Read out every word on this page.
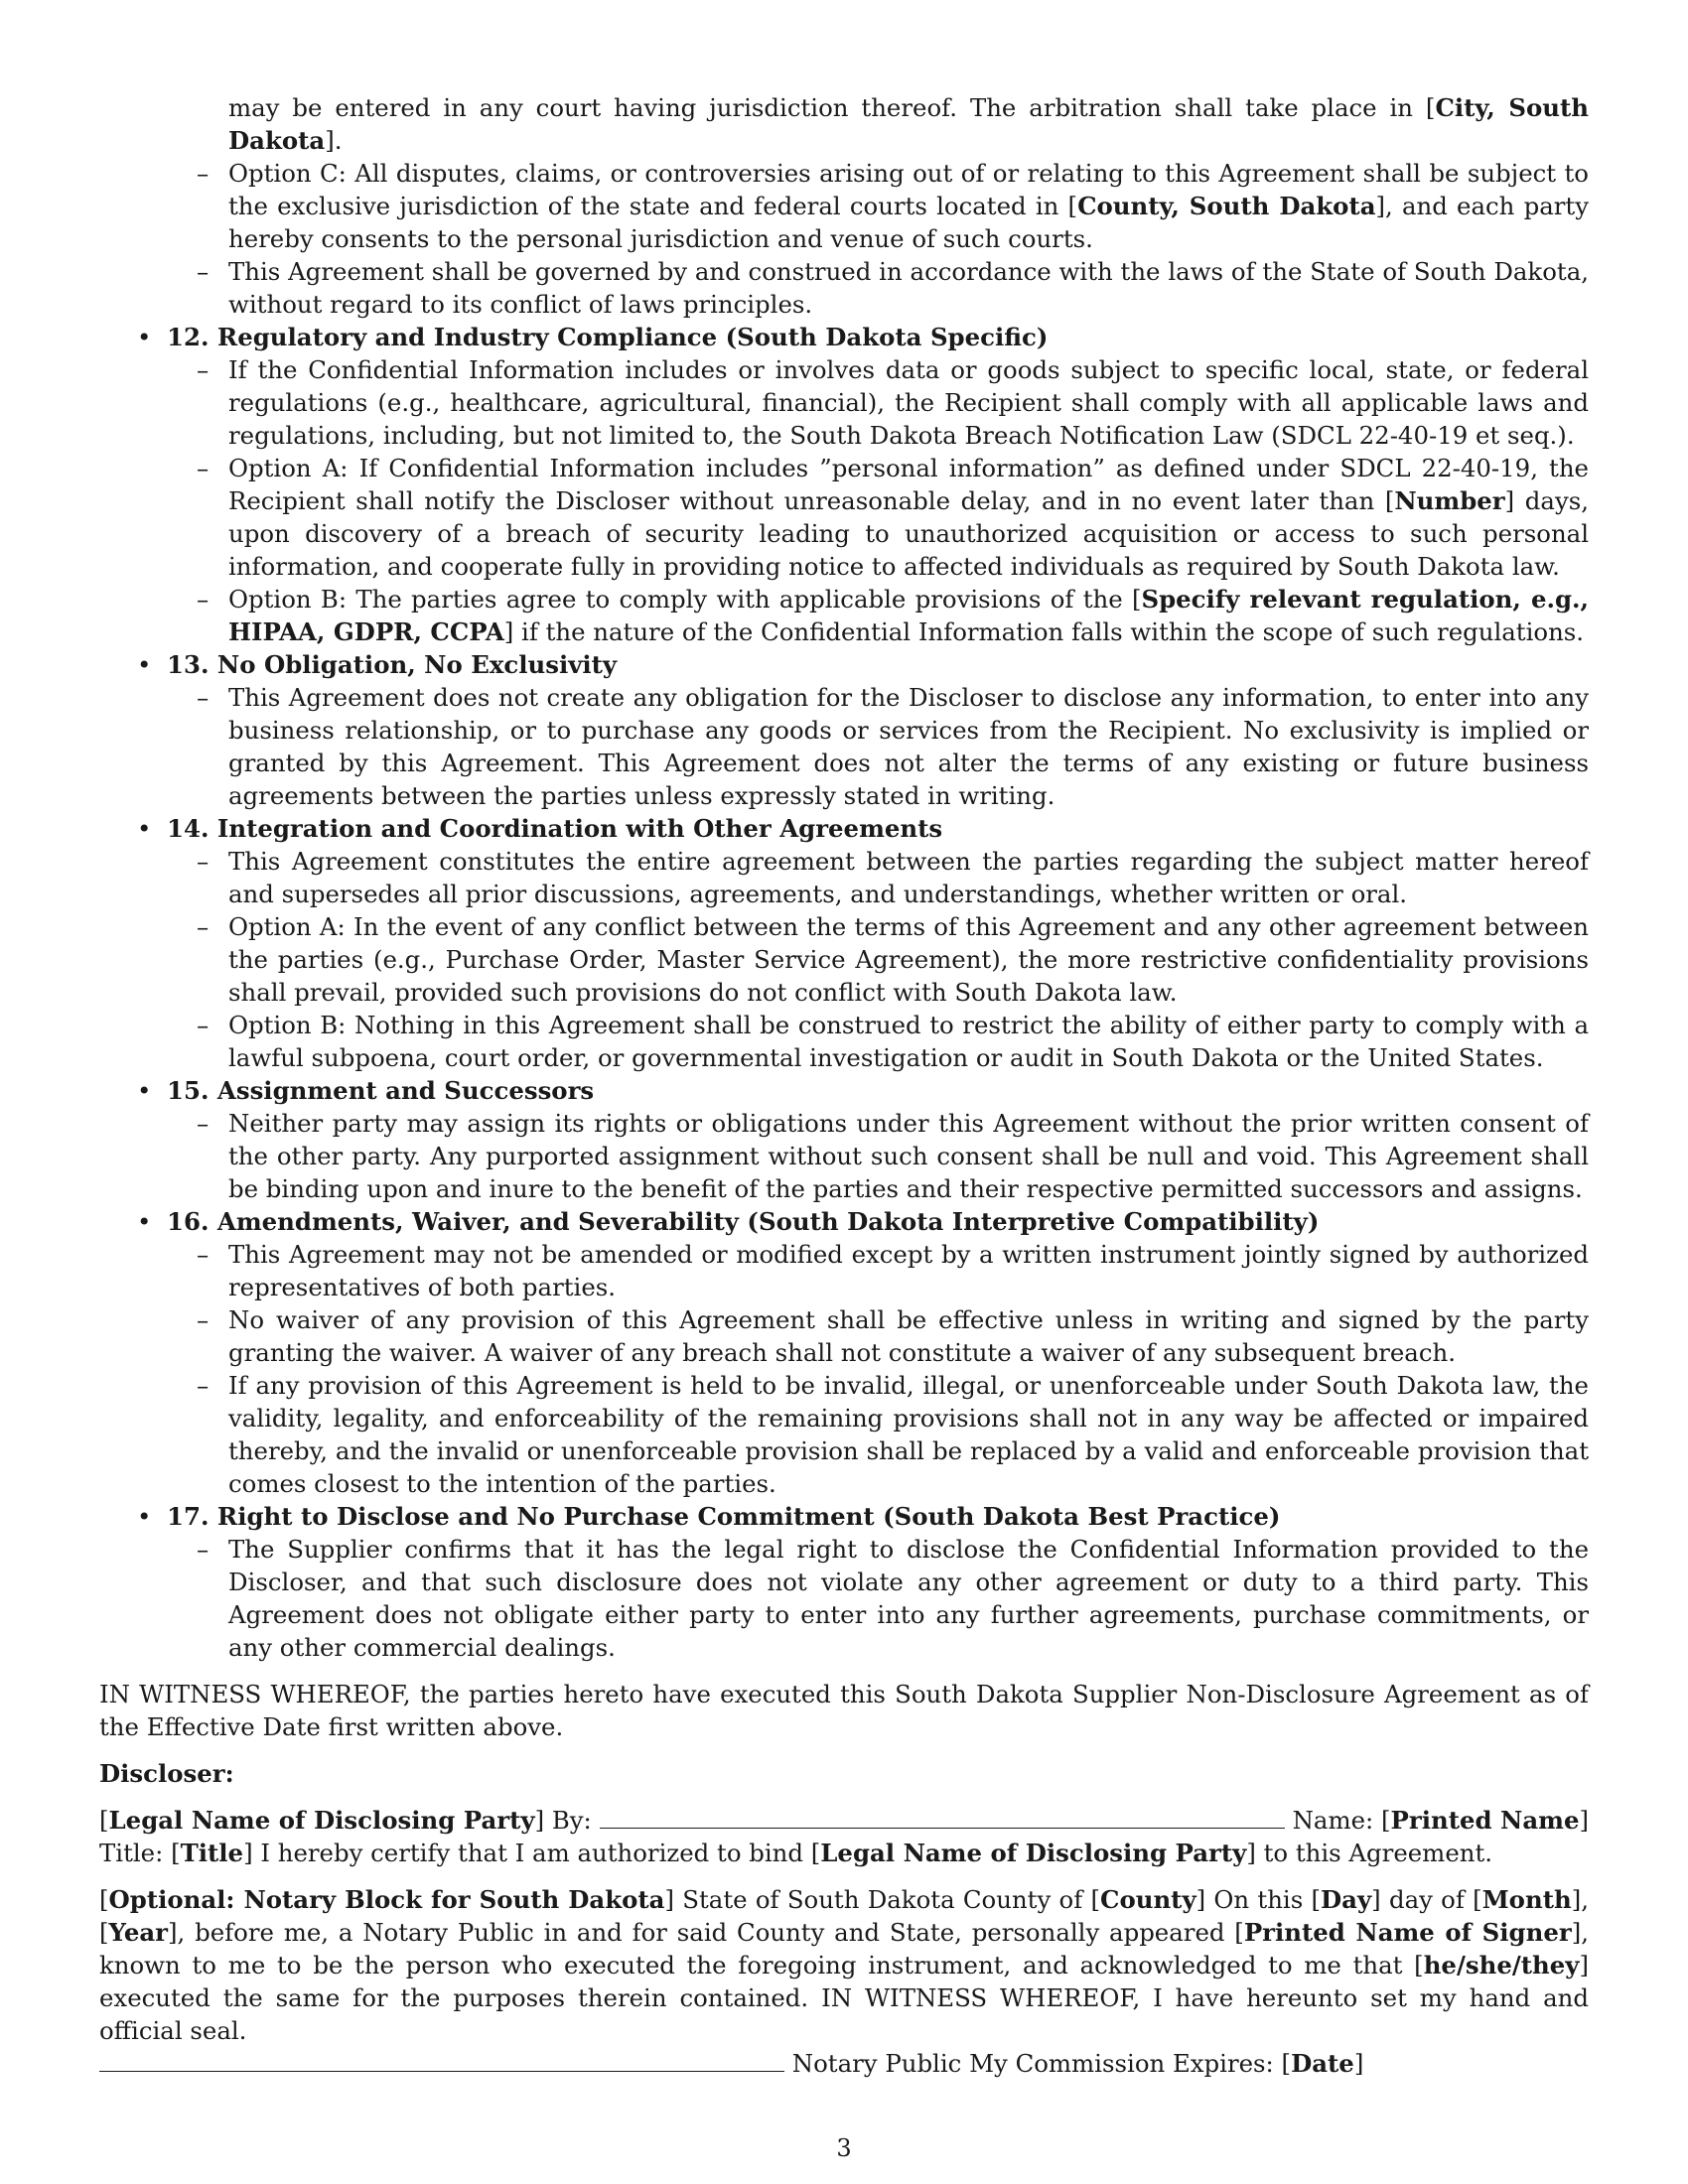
may be entered in any court having jurisdiction thereof. The arbitration shall take place in [City, South Dakota].
– Option C: All disputes, claims, or controversies arising out of or relating to this Agreement shall be subject to the exclusive jurisdiction of the state and federal courts located in [County, South Dakota], and each party hereby consents to the personal jurisdiction and venue of such courts.
– This Agreement shall be governed by and construed in accordance with the laws of the State of South Dakota, without regard to its conflict of laws principles.
• 12. Regulatory and Industry Compliance (South Dakota Specific)
– If the Confidential Information includes or involves data or goods subject to specific local, state, or federal regulations (e.g., healthcare, agricultural, financial), the Recipient shall comply with all applicable laws and regulations, including, but not limited to, the South Dakota Breach Notification Law (SDCL 22-40-19 et seq.).
– Option A: If Confidential Information includes ”personal information” as defined under SDCL 22-40-19, the Recipient shall notify the Discloser without unreasonable delay, and in no event later than [Number] days, upon discovery of a breach of security leading to unauthorized acquisition or access to such personal information, and cooperate fully in providing notice to affected individuals as required by South Dakota law.
– Option B: The parties agree to comply with applicable provisions of the [Specify relevant regulation, e.g., HIPAA, GDPR, CCPA] if the nature of the Confidential Information falls within the scope of such regulations.
• 13. No Obligation, No Exclusivity
– This Agreement does not create any obligation for the Discloser to disclose any information, to enter into any business relationship, or to purchase any goods or services from the Recipient. No exclusivity is implied or granted by this Agreement. This Agreement does not alter the terms of any existing or future business agreements between the parties unless expressly stated in writing.
• 14. Integration and Coordination with Other Agreements
– This Agreement constitutes the entire agreement between the parties regarding the subject matter hereof and supersedes all prior discussions, agreements, and understandings, whether written or oral.
– Option A: In the event of any conflict between the terms of this Agreement and any other agreement between the parties (e.g., Purchase Order, Master Service Agreement), the more restrictive confidentiality provisions shall prevail, provided such provisions do not conflict with South Dakota law.
– Option B: Nothing in this Agreement shall be construed to restrict the ability of either party to comply with a lawful subpoena, court order, or governmental investigation or audit in South Dakota or the United States.
• 15. Assignment and Successors
– Neither party may assign its rights or obligations under this Agreement without the prior written consent of the other party. Any purported assignment without such consent shall be null and void. This Agreement shall be binding upon and inure to the benefit of the parties and their respective permitted successors and assigns.
• 16. Amendments, Waiver, and Severability (South Dakota Interpretive Compatibility)
– This Agreement may not be amended or modified except by a written instrument jointly signed by authorized representatives of both parties.
– No waiver of any provision of this Agreement shall be effective unless in writing and signed by the party granting the waiver. A waiver of any breach shall not constitute a waiver of any subsequent breach.
– If any provision of this Agreement is held to be invalid, illegal, or unenforceable under South Dakota law, the validity, legality, and enforceability of the remaining provisions shall not in any way be affected or impaired thereby, and the invalid or unenforceable provision shall be replaced by a valid and enforceable provision that comes closest to the intention of the parties.
• 17. Right to Disclose and No Purchase Commitment (South Dakota Best Practice)
– The Supplier confirms that it has the legal right to disclose the Confidential Information provided to the Discloser, and that such disclosure does not violate any other agreement or duty to a third party. This Agreement does not obligate either party to enter into any further agreements, purchase commitments, or any other commercial dealings.
IN WITNESS WHEREOF, the parties hereto have executed this South Dakota Supplier Non-Disclosure Agreement as of the Effective Date first written above.
Discloser:
[Legal Name of Disclosing Party] By:	Name: [Printed Name]
Title: [Title] I hereby certify that I am authorized to bind [Legal Name of Disclosing Party] to this Agreement.
[Optional: Notary Block for South Dakota] State of South Dakota County of [County] On this [Day] day of [Month], [Year], before me, a Notary Public in and for said County and State, personally appeared [Printed Name of Signer], known to me to be the person who executed the foregoing instrument, and acknowledged to me that [he/she/they] executed the same for the purposes therein contained. IN WITNESS WHEREOF, I have hereunto set my hand and official seal.
Notary Public My Commission Expires: [Date]
3
